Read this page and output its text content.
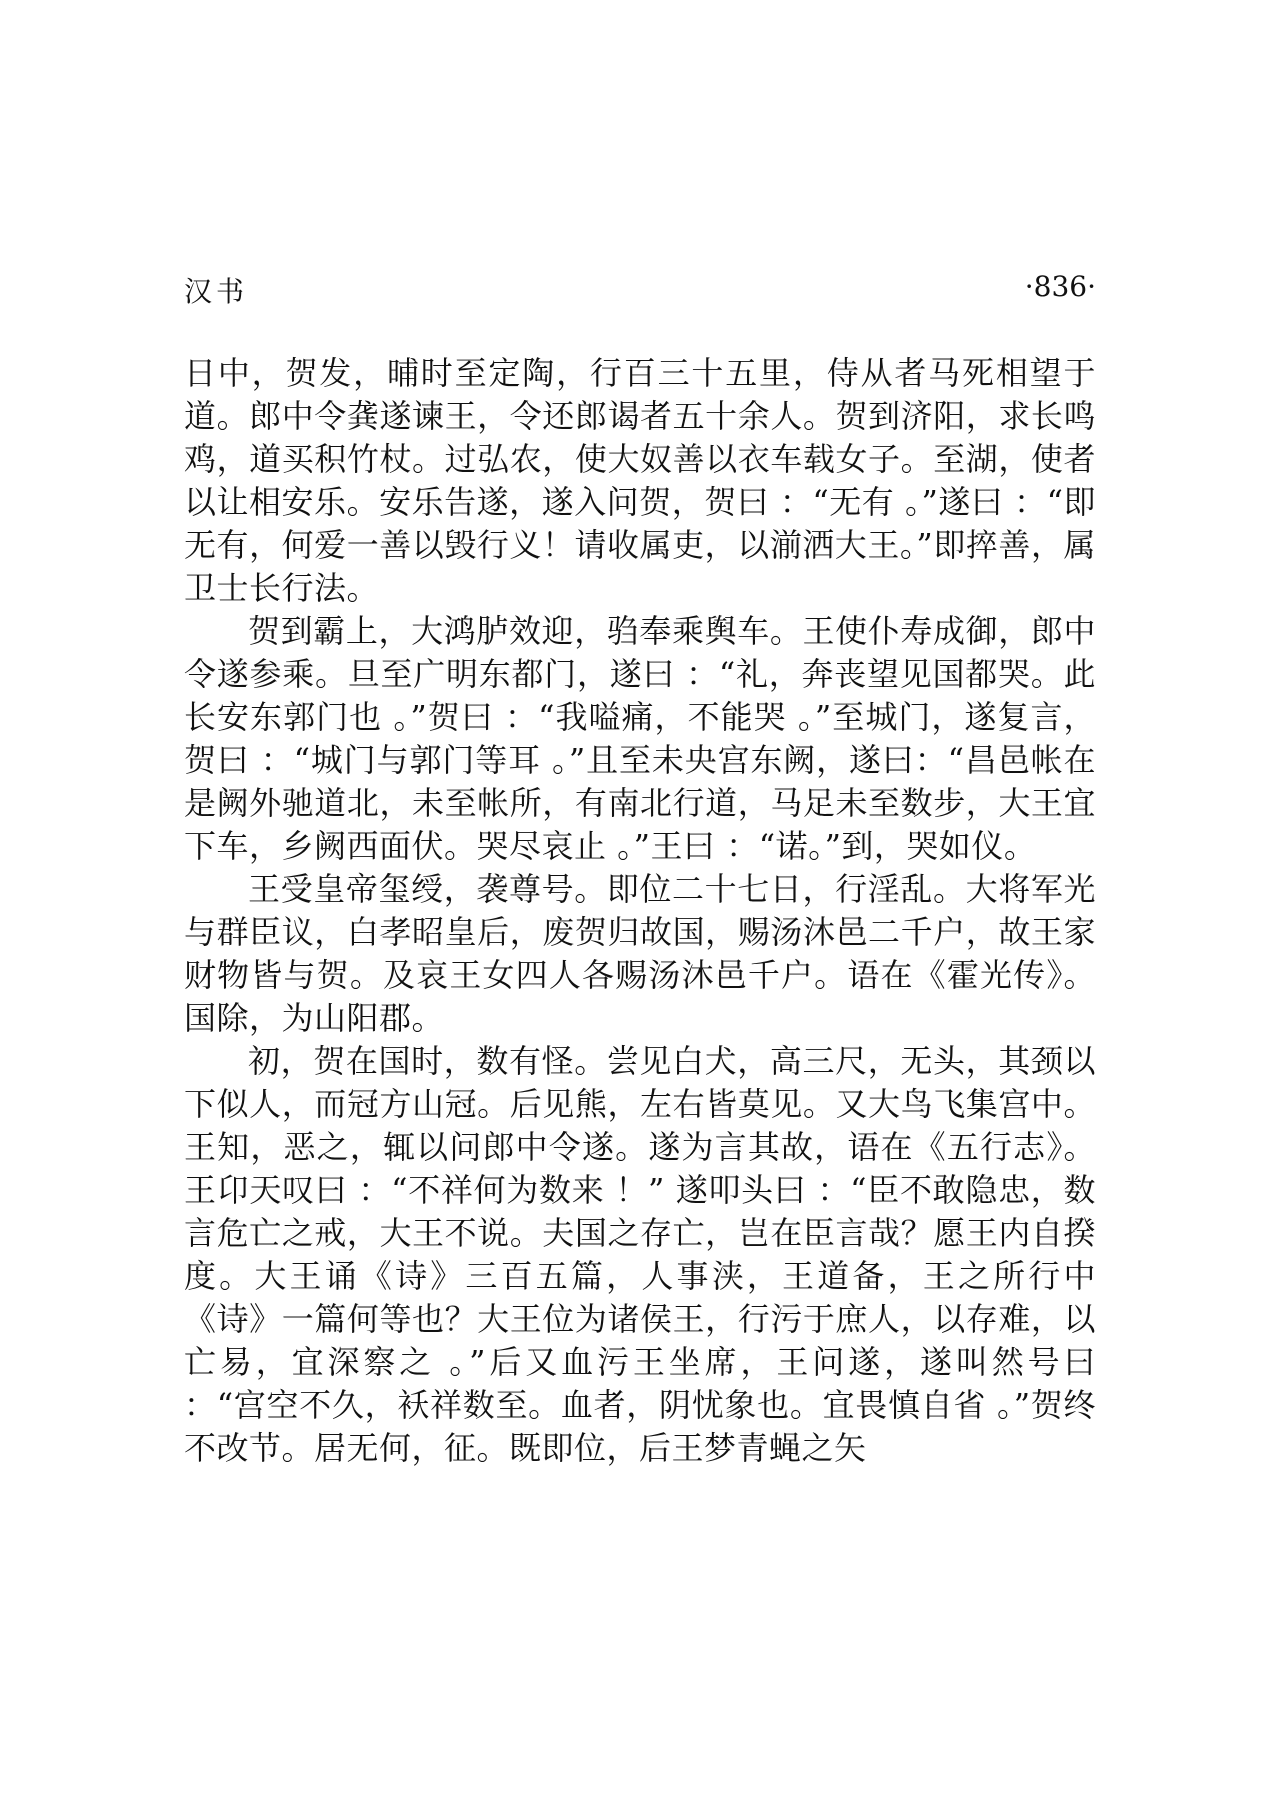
汉书	·836·

日中，贺发，晡时至定陶，行百三十五里，侍从者马死相望于道。郎中令龚遂谏王，令还郎谒者五十余人。贺到济阳，求长鸣鸡，道买积竹杖。过弘农，使大奴善以衣车载女子。至湖，使者以让相安乐。安乐告遂，遂入问贺，贺曰 ：“无有 。”遂曰 ：“即无有，何爱一善以毁行义！请收属吏，以湔洒大王。”即捽善，属卫士长行法。

贺到霸上，大鸿胪效迎，驺奉乘舆车。王使仆寿成御，郎中令遂参乘。旦至广明东都门，遂曰 ：“礼，奔丧望见国都哭。此长安东郭门也 。”贺曰 ：“我嗌痛，不能哭 。”至城门，遂复言，贺曰 ：“城门与郭门等耳 。”且至未央宫东阙，遂曰：“昌邑帐在是阙外驰道北，未至帐所，有南北行道，马足未至数步，大王宜下车，乡阙西面伏。哭尽哀止 。”王曰 ：“诺。”到，哭如仪。

王受皇帝玺绶，袭尊号。即位二十七日，行淫乱。大将军光与群臣议，白孝昭皇后，废贺归故国，赐汤沐邑二千户，故王家财物皆与贺。及哀王女四人各赐汤沐邑千户。语在《霍光传》。国除，为山阳郡。

初，贺在国时，数有怪。尝见白犬，高三尺，无头，其颈以下似人，而冠方山冠。后见熊，左右皆莫见。又大鸟飞集宫中。王知，恶之，辄以问郎中令遂。遂为言其故，语在《五行志》。王卬天叹曰 ：“不祥何为数来 ！” 遂叩头曰 ：“臣不敢隐忠，数言危亡之戒，大王不说。夫国之存亡，岂在臣言哉？愿王内自揆度。大王诵《诗》三百五篇，人事浃，王道备，王之所行中《诗》一篇何等也？大王位为诸侯王，行污于庶人，以存难，以亡易，宜深察之 。”后又血污王坐席，王问遂，遂叫然号曰 ：“宫空不久，袄祥数至。血者，阴忧象也。宜畏慎自省 。”贺终不改节。居无何，征。既即位，后王梦青蝇之矢
